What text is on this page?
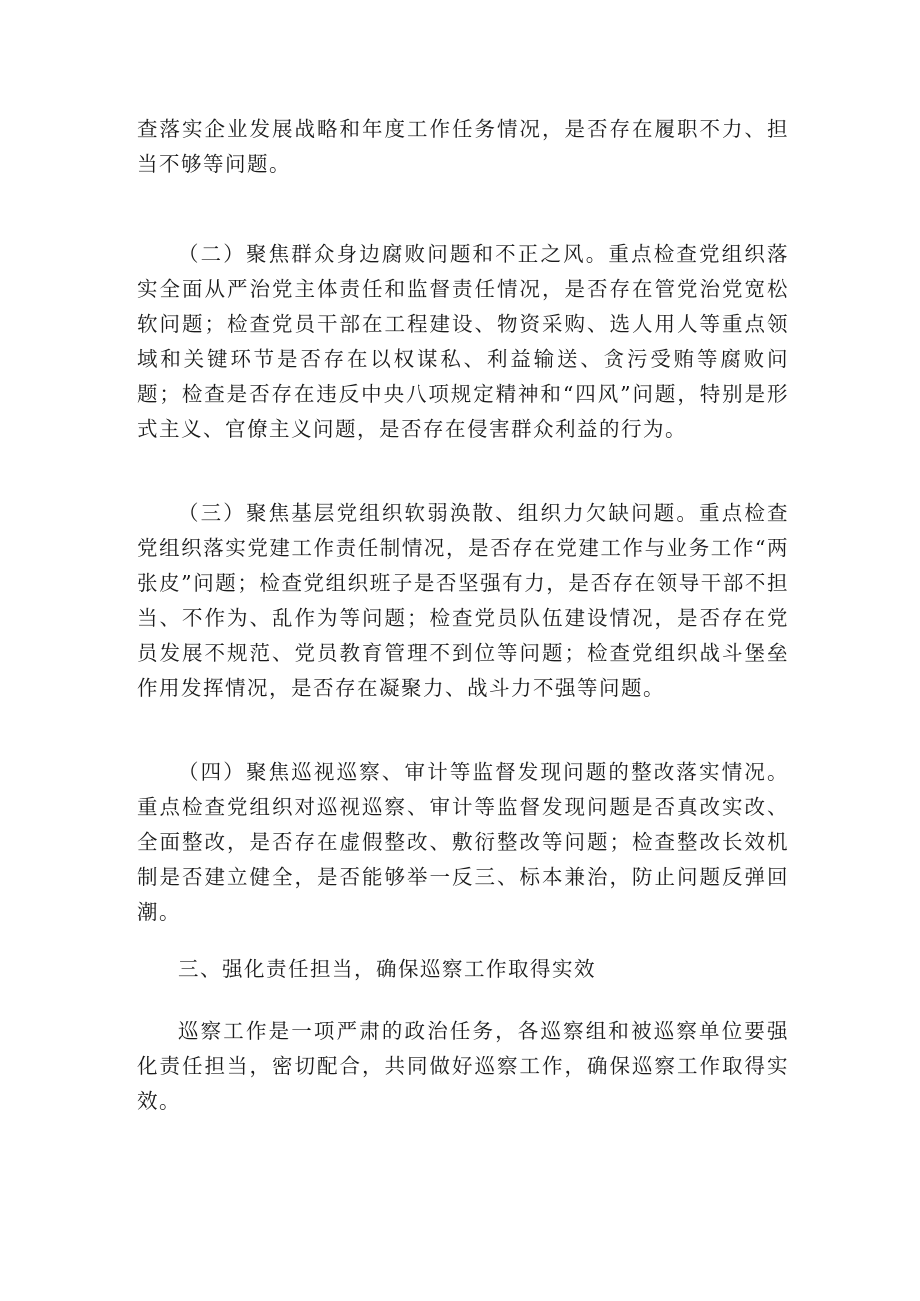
查落实企业发展战略和年度工作任务情况，是否存在履职不力、担当不够等问题。

（二）聚焦群众身边腐败问题和不正之风。重点检查党组织落实全面从严治党主体责任和监督责任情况，是否存在管党治党宽松软问题；检查党员干部在工程建设、物资采购、选人用人等重点领域和关键环节是否存在以权谋私、利益输送、贪污受贿等腐败问题；检查是否存在违反中央八项规定精神和“四风”问题，特别是形式主义、官僚主义问题，是否存在侵害群众利益的行为。

（三）聚焦基层党组织软弱涣散、组织力欠缺问题。重点检查党组织落实党建工作责任制情况，是否存在党建工作与业务工作“两张皮”问题；检查党组织班子是否坚强有力，是否存在领导干部不担当、不作为、乱作为等问题；检查党员队伍建设情况，是否存在党员发展不规范、党员教育管理不到位等问题；检查党组织战斗堡垒作用发挥情况，是否存在凝聚力、战斗力不强等问题。

（四）聚焦巡视巡察、审计等监督发现问题的整改落实情况。重点检查党组织对巡视巡察、审计等监督发现问题是否真改实改、全面整改，是否存在虚假整改、敷衍整改等问题；检查整改长效机制是否建立健全，是否能够举一反三、标本兼治，防止问题反弹回潮。

三、强化责任担当，确保巡察工作取得实效

巡察工作是一项严肃的政治任务，各巡察组和被巡察单位要强化责任担当，密切配合，共同做好巡察工作，确保巡察工作取得实效。
